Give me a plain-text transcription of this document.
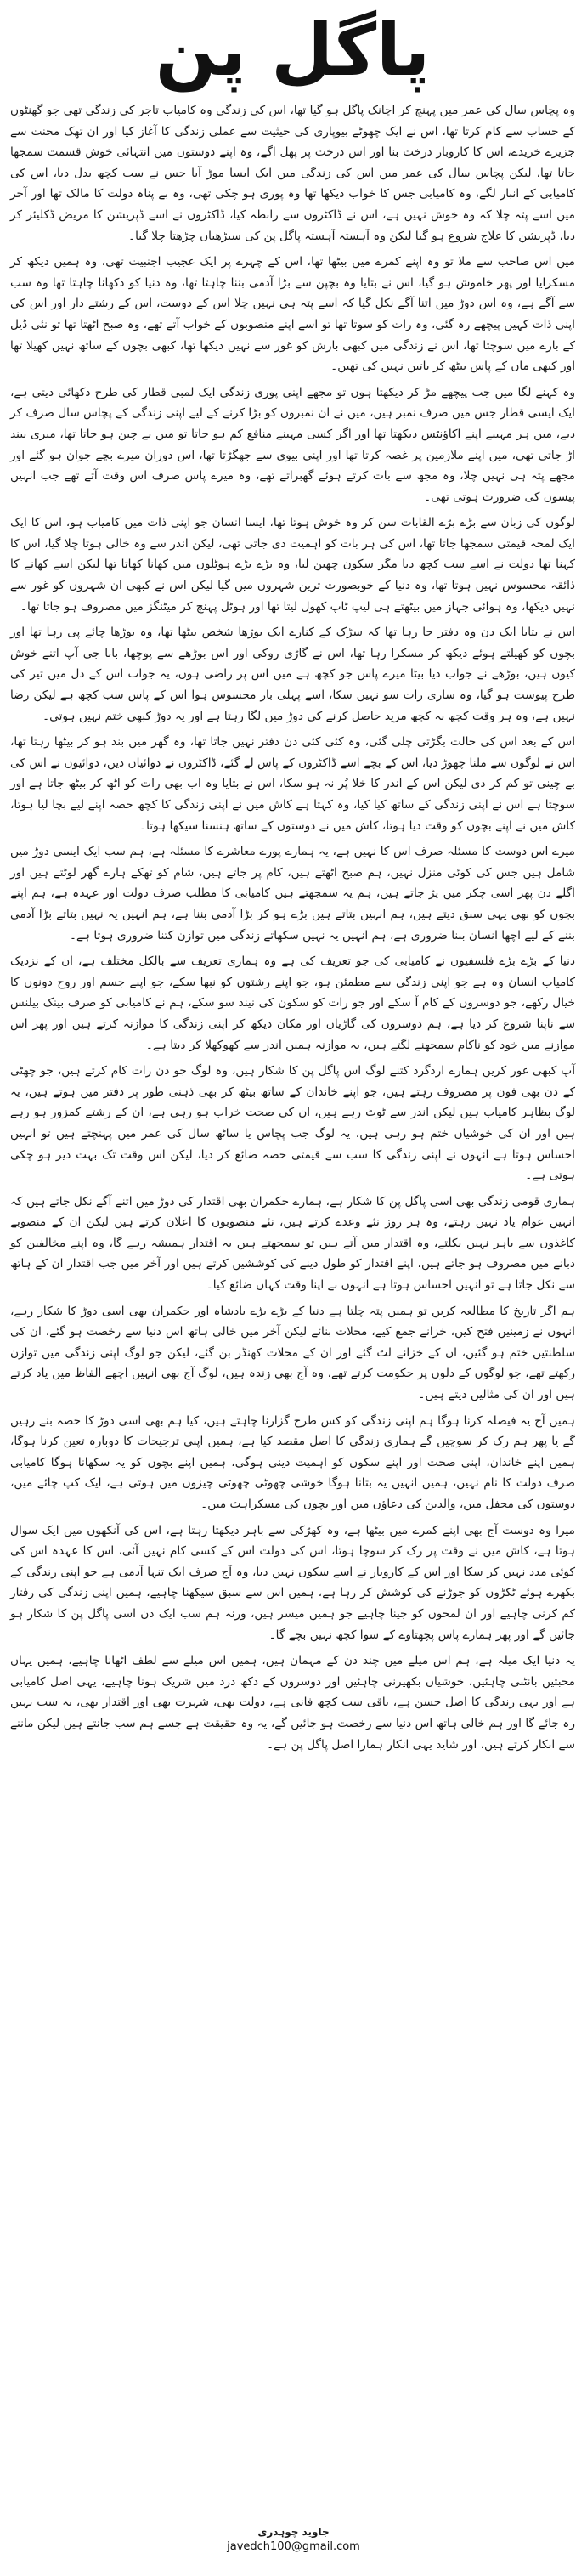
پاگل پن

وہ پچاس سال کی عمر میں پہنچ کر اچانک پاگل ہو گیا تھا، اس کی زندگی وہ کامیاب تاجر کی زندگی تھی جو گھنٹوں کے حساب سے کام کرتا تھا، اس نے ایک چھوٹے بیوپاری کی حیثیت سے عملی زندگی کا آغاز کیا اور ان تھک محنت سے جزیرے خریدے، اس کا کاروبار درخت بنا اور اس درخت پر پھل اگے، وہ اپنے دوستوں میں انتہائی خوش قسمت سمجھا جاتا تھا، لیکن پچاس سال کی عمر میں اس کی زندگی میں ایک ایسا موڑ آیا جس نے سب کچھ بدل دیا، اس کی کامیابی کے انبار لگے، وہ کامیابی جس کا خواب دیکھا تھا وہ پوری ہو چکی تھی، وہ بے پناہ دولت کا مالک تھا اور آخر میں اسے پتہ چلا کہ وہ خوش نہیں ہے، اس نے ڈاکٹروں سے رابطہ کیا، ڈاکٹروں نے اسے ڈپریشن کا مریض ڈکلیئر کر دیا، ڈپریشن کا علاج شروع ہو گیا لیکن وہ آہستہ آہستہ پاگل پن کی سیڑھیاں چڑھتا چلا گیا۔

میں اس صاحب سے ملا تو وہ اپنے کمرے میں بیٹھا تھا، اس کے چہرے پر ایک عجیب اجنبیت تھی، وہ ہمیں دیکھ کر مسکرایا اور پھر خاموش ہو گیا، اس نے بتایا وہ بچپن سے بڑا آدمی بننا چاہتا تھا، وہ دنیا کو دکھانا چاہتا تھا وہ سب سے آگے ہے، وہ اس دوڑ میں اتنا آگے نکل گیا کہ اسے پتہ ہی نہیں چلا اس کے دوست، اس کے رشتے دار اور اس کی اپنی ذات کہیں پیچھے رہ گئی، وہ رات کو سوتا تھا تو اسے اپنے منصوبوں کے خواب آتے تھے، وہ صبح اٹھتا تھا تو نئی ڈیل کے بارے میں سوچتا تھا، اس نے زندگی میں کبھی بارش کو غور سے نہیں دیکھا تھا، کبھی بچوں کے ساتھ نہیں کھیلا تھا اور کبھی ماں کے پاس بیٹھ کر باتیں نہیں کی تھیں۔

وہ کہنے لگا میں جب پیچھے مڑ کر دیکھتا ہوں تو مجھے اپنی پوری زندگی ایک لمبی قطار کی طرح دکھائی دیتی ہے، ایک ایسی قطار جس میں صرف نمبر ہیں، میں نے ان نمبروں کو بڑا کرنے کے لیے اپنی زندگی کے پچاس سال صرف کر دیے، میں ہر مہینے اپنے اکاؤنٹس دیکھتا تھا اور اگر کسی مہینے منافع کم ہو جاتا تو میں بے چین ہو جاتا تھا، میری نیند اڑ جاتی تھی، میں اپنے ملازمین پر غصہ کرتا تھا اور اپنی بیوی سے جھگڑتا تھا، اس دوران میرے بچے جوان ہو گئے اور مجھے پتہ ہی نہیں چلا، وہ مجھ سے بات کرتے ہوئے گھبراتے تھے، وہ میرے پاس صرف اس وقت آتے تھے جب انہیں پیسوں کی ضرورت ہوتی تھی۔

لوگوں کی زبان سے بڑے بڑے القابات سن کر وہ خوش ہوتا تھا، ایسا انسان جو اپنی ذات میں کامیاب ہو، اس کا ایک ایک لمحہ قیمتی سمجھا جاتا تھا، اس کی ہر بات کو اہمیت دی جاتی تھی، لیکن اندر سے وہ خالی ہوتا چلا گیا، اس کا کہنا تھا دولت نے اسے سب کچھ دیا مگر سکون چھین لیا، وہ بڑے بڑے ہوٹلوں میں کھانا کھاتا تھا لیکن اسے کھانے کا ذائقہ محسوس نہیں ہوتا تھا، وہ دنیا کے خوبصورت ترین شہروں میں گیا لیکن اس نے کبھی ان شہروں کو غور سے نہیں دیکھا، وہ ہوائی جہاز میں بیٹھتے ہی لیپ ٹاپ کھول لیتا تھا اور ہوٹل پہنچ کر میٹنگز میں مصروف ہو جاتا تھا۔

اس نے بتایا ایک دن وہ دفتر جا رہا تھا کہ سڑک کے کنارے ایک بوڑھا شخص بیٹھا تھا، وہ بوڑھا چائے پی رہا تھا اور بچوں کو کھیلتے ہوئے دیکھ کر مسکرا رہا تھا، اس نے گاڑی روکی اور اس بوڑھے سے پوچھا، بابا جی آپ اتنے خوش کیوں ہیں، بوڑھے نے جواب دیا بیٹا میرے پاس جو کچھ ہے میں اس پر راضی ہوں، یہ جواب اس کے دل میں تیر کی طرح پیوست ہو گیا، وہ ساری رات سو نہیں سکا، اسے پہلی بار محسوس ہوا اس کے پاس سب کچھ ہے لیکن رضا نہیں ہے، وہ ہر وقت کچھ نہ کچھ مزید حاصل کرنے کی دوڑ میں لگا رہتا ہے اور یہ دوڑ کبھی ختم نہیں ہوتی۔

اس کے بعد اس کی حالت بگڑتی چلی گئی، وہ کئی کئی دن دفتر نہیں جاتا تھا، وہ گھر میں بند ہو کر بیٹھا رہتا تھا، اس نے لوگوں سے ملنا چھوڑ دیا، اس کے بچے اسے ڈاکٹروں کے پاس لے گئے، ڈاکٹروں نے دوائیاں دیں، دوائیوں نے اس کی بے چینی تو کم کر دی لیکن اس کے اندر کا خلا پُر نہ ہو سکا، اس نے بتایا وہ اب بھی رات کو اٹھ کر بیٹھ جاتا ہے اور سوچتا ہے اس نے اپنی زندگی کے ساتھ کیا کیا، وہ کہتا ہے کاش میں نے اپنی زندگی کا کچھ حصہ اپنے لیے بچا لیا ہوتا، کاش میں نے اپنے بچوں کو وقت دیا ہوتا، کاش میں نے دوستوں کے ساتھ ہنسنا سیکھا ہوتا۔

میرے اس دوست کا مسئلہ صرف اس کا نہیں ہے، یہ ہمارے پورے معاشرے کا مسئلہ ہے، ہم سب ایک ایسی دوڑ میں شامل ہیں جس کی کوئی منزل نہیں، ہم صبح اٹھتے ہیں، کام پر جاتے ہیں، شام کو تھکے ہارے گھر لوٹتے ہیں اور اگلے دن پھر اسی چکر میں پڑ جاتے ہیں، ہم یہ سمجھتے ہیں کامیابی کا مطلب صرف دولت اور عہدہ ہے، ہم اپنے بچوں کو بھی یہی سبق دیتے ہیں، ہم انہیں بتاتے ہیں بڑے ہو کر بڑا آدمی بننا ہے، ہم انہیں یہ نہیں بتاتے بڑا آدمی بننے کے لیے اچھا انسان بننا ضروری ہے، ہم انہیں یہ نہیں سکھاتے زندگی میں توازن کتنا ضروری ہوتا ہے۔

دنیا کے بڑے بڑے فلسفیوں نے کامیابی کی جو تعریف کی ہے وہ ہماری تعریف سے بالکل مختلف ہے، ان کے نزدیک کامیاب انسان وہ ہے جو اپنی زندگی سے مطمئن ہو، جو اپنے رشتوں کو نبھا سکے، جو اپنے جسم اور روح دونوں کا خیال رکھے، جو دوسروں کے کام آ سکے اور جو رات کو سکون کی نیند سو سکے، ہم نے کامیابی کو صرف بینک بیلنس سے ناپنا شروع کر دیا ہے، ہم دوسروں کی گاڑیاں اور مکان دیکھ کر اپنی زندگی کا موازنہ کرتے ہیں اور پھر اس موازنے میں خود کو ناکام سمجھنے لگتے ہیں، یہ موازنہ ہمیں اندر سے کھوکھلا کر دیتا ہے۔

آپ کبھی غور کریں ہمارے اردگرد کتنے لوگ اس پاگل پن کا شکار ہیں، وہ لوگ جو دن رات کام کرتے ہیں، جو چھٹی کے دن بھی فون پر مصروف رہتے ہیں، جو اپنے خاندان کے ساتھ بیٹھ کر بھی ذہنی طور پر دفتر میں ہوتے ہیں، یہ لوگ بظاہر کامیاب ہیں لیکن اندر سے ٹوٹ رہے ہیں، ان کی صحت خراب ہو رہی ہے، ان کے رشتے کمزور ہو رہے ہیں اور ان کی خوشیاں ختم ہو رہی ہیں، یہ لوگ جب پچاس یا ساٹھ سال کی عمر میں پہنچتے ہیں تو انہیں احساس ہوتا ہے انہوں نے اپنی زندگی کا سب سے قیمتی حصہ ضائع کر دیا، لیکن اس وقت تک بہت دیر ہو چکی ہوتی ہے۔

ہماری قومی زندگی بھی اسی پاگل پن کا شکار ہے، ہمارے حکمران بھی اقتدار کی دوڑ میں اتنے آگے نکل جاتے ہیں کہ انہیں عوام یاد نہیں رہتے، وہ ہر روز نئے وعدے کرتے ہیں، نئے منصوبوں کا اعلان کرتے ہیں لیکن ان کے منصوبے کاغذوں سے باہر نہیں نکلتے، وہ اقتدار میں آتے ہیں تو سمجھتے ہیں یہ اقتدار ہمیشہ رہے گا، وہ اپنے مخالفین کو دبانے میں مصروف ہو جاتے ہیں، اپنے اقتدار کو طول دینے کی کوششیں کرتے ہیں اور آخر میں جب اقتدار ان کے ہاتھ سے نکل جاتا ہے تو انہیں احساس ہوتا ہے انہوں نے اپنا وقت کہاں ضائع کیا۔

ہم اگر تاریخ کا مطالعہ کریں تو ہمیں پتہ چلتا ہے دنیا کے بڑے بڑے بادشاہ اور حکمران بھی اسی دوڑ کا شکار رہے، انہوں نے زمینیں فتح کیں، خزانے جمع کیے، محلات بنائے لیکن آخر میں خالی ہاتھ اس دنیا سے رخصت ہو گئے، ان کی سلطنتیں ختم ہو گئیں، ان کے خزانے لٹ گئے اور ان کے محلات کھنڈر بن گئے، لیکن جو لوگ اپنی زندگی میں توازن رکھتے تھے، جو لوگوں کے دلوں پر حکومت کرتے تھے، وہ آج بھی زندہ ہیں، لوگ آج بھی انہیں اچھے الفاظ میں یاد کرتے ہیں اور ان کی مثالیں دیتے ہیں۔

ہمیں آج یہ فیصلہ کرنا ہوگا ہم اپنی زندگی کو کس طرح گزارنا چاہتے ہیں، کیا ہم بھی اسی دوڑ کا حصہ بنے رہیں گے یا پھر ہم رک کر سوچیں گے ہماری زندگی کا اصل مقصد کیا ہے، ہمیں اپنی ترجیحات کا دوبارہ تعین کرنا ہوگا، ہمیں اپنے خاندان، اپنی صحت اور اپنے سکون کو اہمیت دینی ہوگی، ہمیں اپنے بچوں کو یہ سکھانا ہوگا کامیابی صرف دولت کا نام نہیں، ہمیں انہیں یہ بتانا ہوگا خوشی چھوٹی چھوٹی چیزوں میں ہوتی ہے، ایک کپ چائے میں، دوستوں کی محفل میں، والدین کی دعاؤں میں اور بچوں کی مسکراہٹ میں۔

میرا وہ دوست آج بھی اپنے کمرے میں بیٹھا ہے، وہ کھڑکی سے باہر دیکھتا رہتا ہے، اس کی آنکھوں میں ایک سوال ہوتا ہے، کاش میں نے وقت پر رک کر سوچا ہوتا، اس کی دولت اس کے کسی کام نہیں آئی، اس کا عہدہ اس کی کوئی مدد نہیں کر سکا اور اس کے کاروبار نے اسے سکون نہیں دیا، وہ آج صرف ایک تنہا آدمی ہے جو اپنی زندگی کے بکھرے ہوئے ٹکڑوں کو جوڑنے کی کوشش کر رہا ہے، ہمیں اس سے سبق سیکھنا چاہیے، ہمیں اپنی زندگی کی رفتار کم کرنی چاہیے اور ان لمحوں کو جینا چاہیے جو ہمیں میسر ہیں، ورنہ ہم سب ایک دن اسی پاگل پن کا شکار ہو جائیں گے اور پھر ہمارے پاس پچھتاوے کے سوا کچھ نہیں بچے گا۔

یہ دنیا ایک میلہ ہے، ہم اس میلے میں چند دن کے مہمان ہیں، ہمیں اس میلے سے لطف اٹھانا چاہیے، ہمیں یہاں محبتیں بانٹنی چاہئیں، خوشیاں بکھیرنی چاہئیں اور دوسروں کے دکھ درد میں شریک ہونا چاہیے، یہی اصل کامیابی ہے اور یہی زندگی کا اصل حسن ہے، باقی سب کچھ فانی ہے، دولت بھی، شہرت بھی اور اقتدار بھی، یہ سب یہیں رہ جائے گا اور ہم خالی ہاتھ اس دنیا سے رخصت ہو جائیں گے، یہ وہ حقیقت ہے جسے ہم سب جانتے ہیں لیکن ماننے سے انکار کرتے ہیں، اور شاید یہی انکار ہمارا اصل پاگل پن ہے۔

جاوید چوہدری
javedch100@gmail.com
